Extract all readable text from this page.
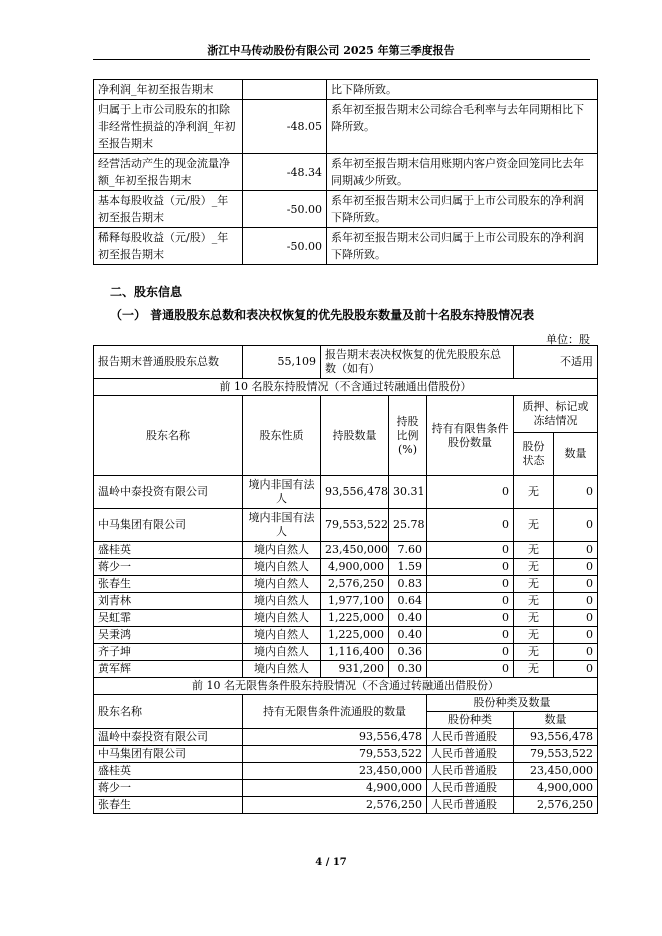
浙江中马传动股份有限公司 2025 年第三季度报告
净利润_年初至报告期末		比下降所致。
归属于上市公司股东的扣除非经常性损益的净利润_年初至报告期末	-48.05	系年初至报告期末公司综合毛利率与去年同期相比下降所致。
经营活动产生的现金流量净额_年初至报告期末	-48.34	系年初至报告期末信用账期内客户资金回笼同比去年同期减少所致。
基本每股收益（元/股）_年初至报告期末	-50.00	系年初至报告期末公司归属于上市公司股东的净利润下降所致。
稀释每股收益（元/股）_年初至报告期末	-50.00	系年初至报告期末公司归属于上市公司股东的净利润下降所致。
二、股东信息
（一） 普通股股东总数和表决权恢复的优先股股东数量及前十名股东持股情况表
单位：股
报告期末普通股股东总数	55,109	报告期末表决权恢复的优先股股东总数（如有）			不适用	
前 10 名股东持股情况（不含通过转融通出借股份）						
股东名称	股东性质	持股数量	持股比例(%)	持有有限售条件股份数量	质押、标记或冻结情况	
					股份状态	数量
温岭中泰投资有限公司	境内非国有法人	93,556,478	30.31	0	无	0
中马集团有限公司	境内非国有法人	79,553,522	25.78	0	无	0
盛桂英	境内自然人	23,450,000	7.60	0	无	0
蒋少一	境内自然人	4,900,000	1.59	0	无	0
张春生	境内自然人	2,576,250	0.83	0	无	0
刘青林	境内自然人	1,977,100	0.64	0	无	0
吴虹霏	境内自然人	1,225,000	0.40	0	无	0
吴秉鸿	境内自然人	1,225,000	0.40	0	无	0
齐子坤	境内自然人	1,116,400	0.36	0	无	0
黄军辉	境内自然人	931,200	0.30	0	无	0
前 10 名无限售条件股东持股情况（不含通过转融通出借股份）						
股东名称	持有无限售条件流通股的数量			股份种类及数量		
				股份种类	数量	
温岭中泰投资有限公司	93,556,478			人民币普通股	93,556,478	
中马集团有限公司	79,553,522			人民币普通股	79,553,522	
盛桂英	23,450,000			人民币普通股	23,450,000	
蒋少一	4,900,000			人民币普通股	4,900,000	
张春生	2,576,250			人民币普通股	2,576,250	
4 / 17
